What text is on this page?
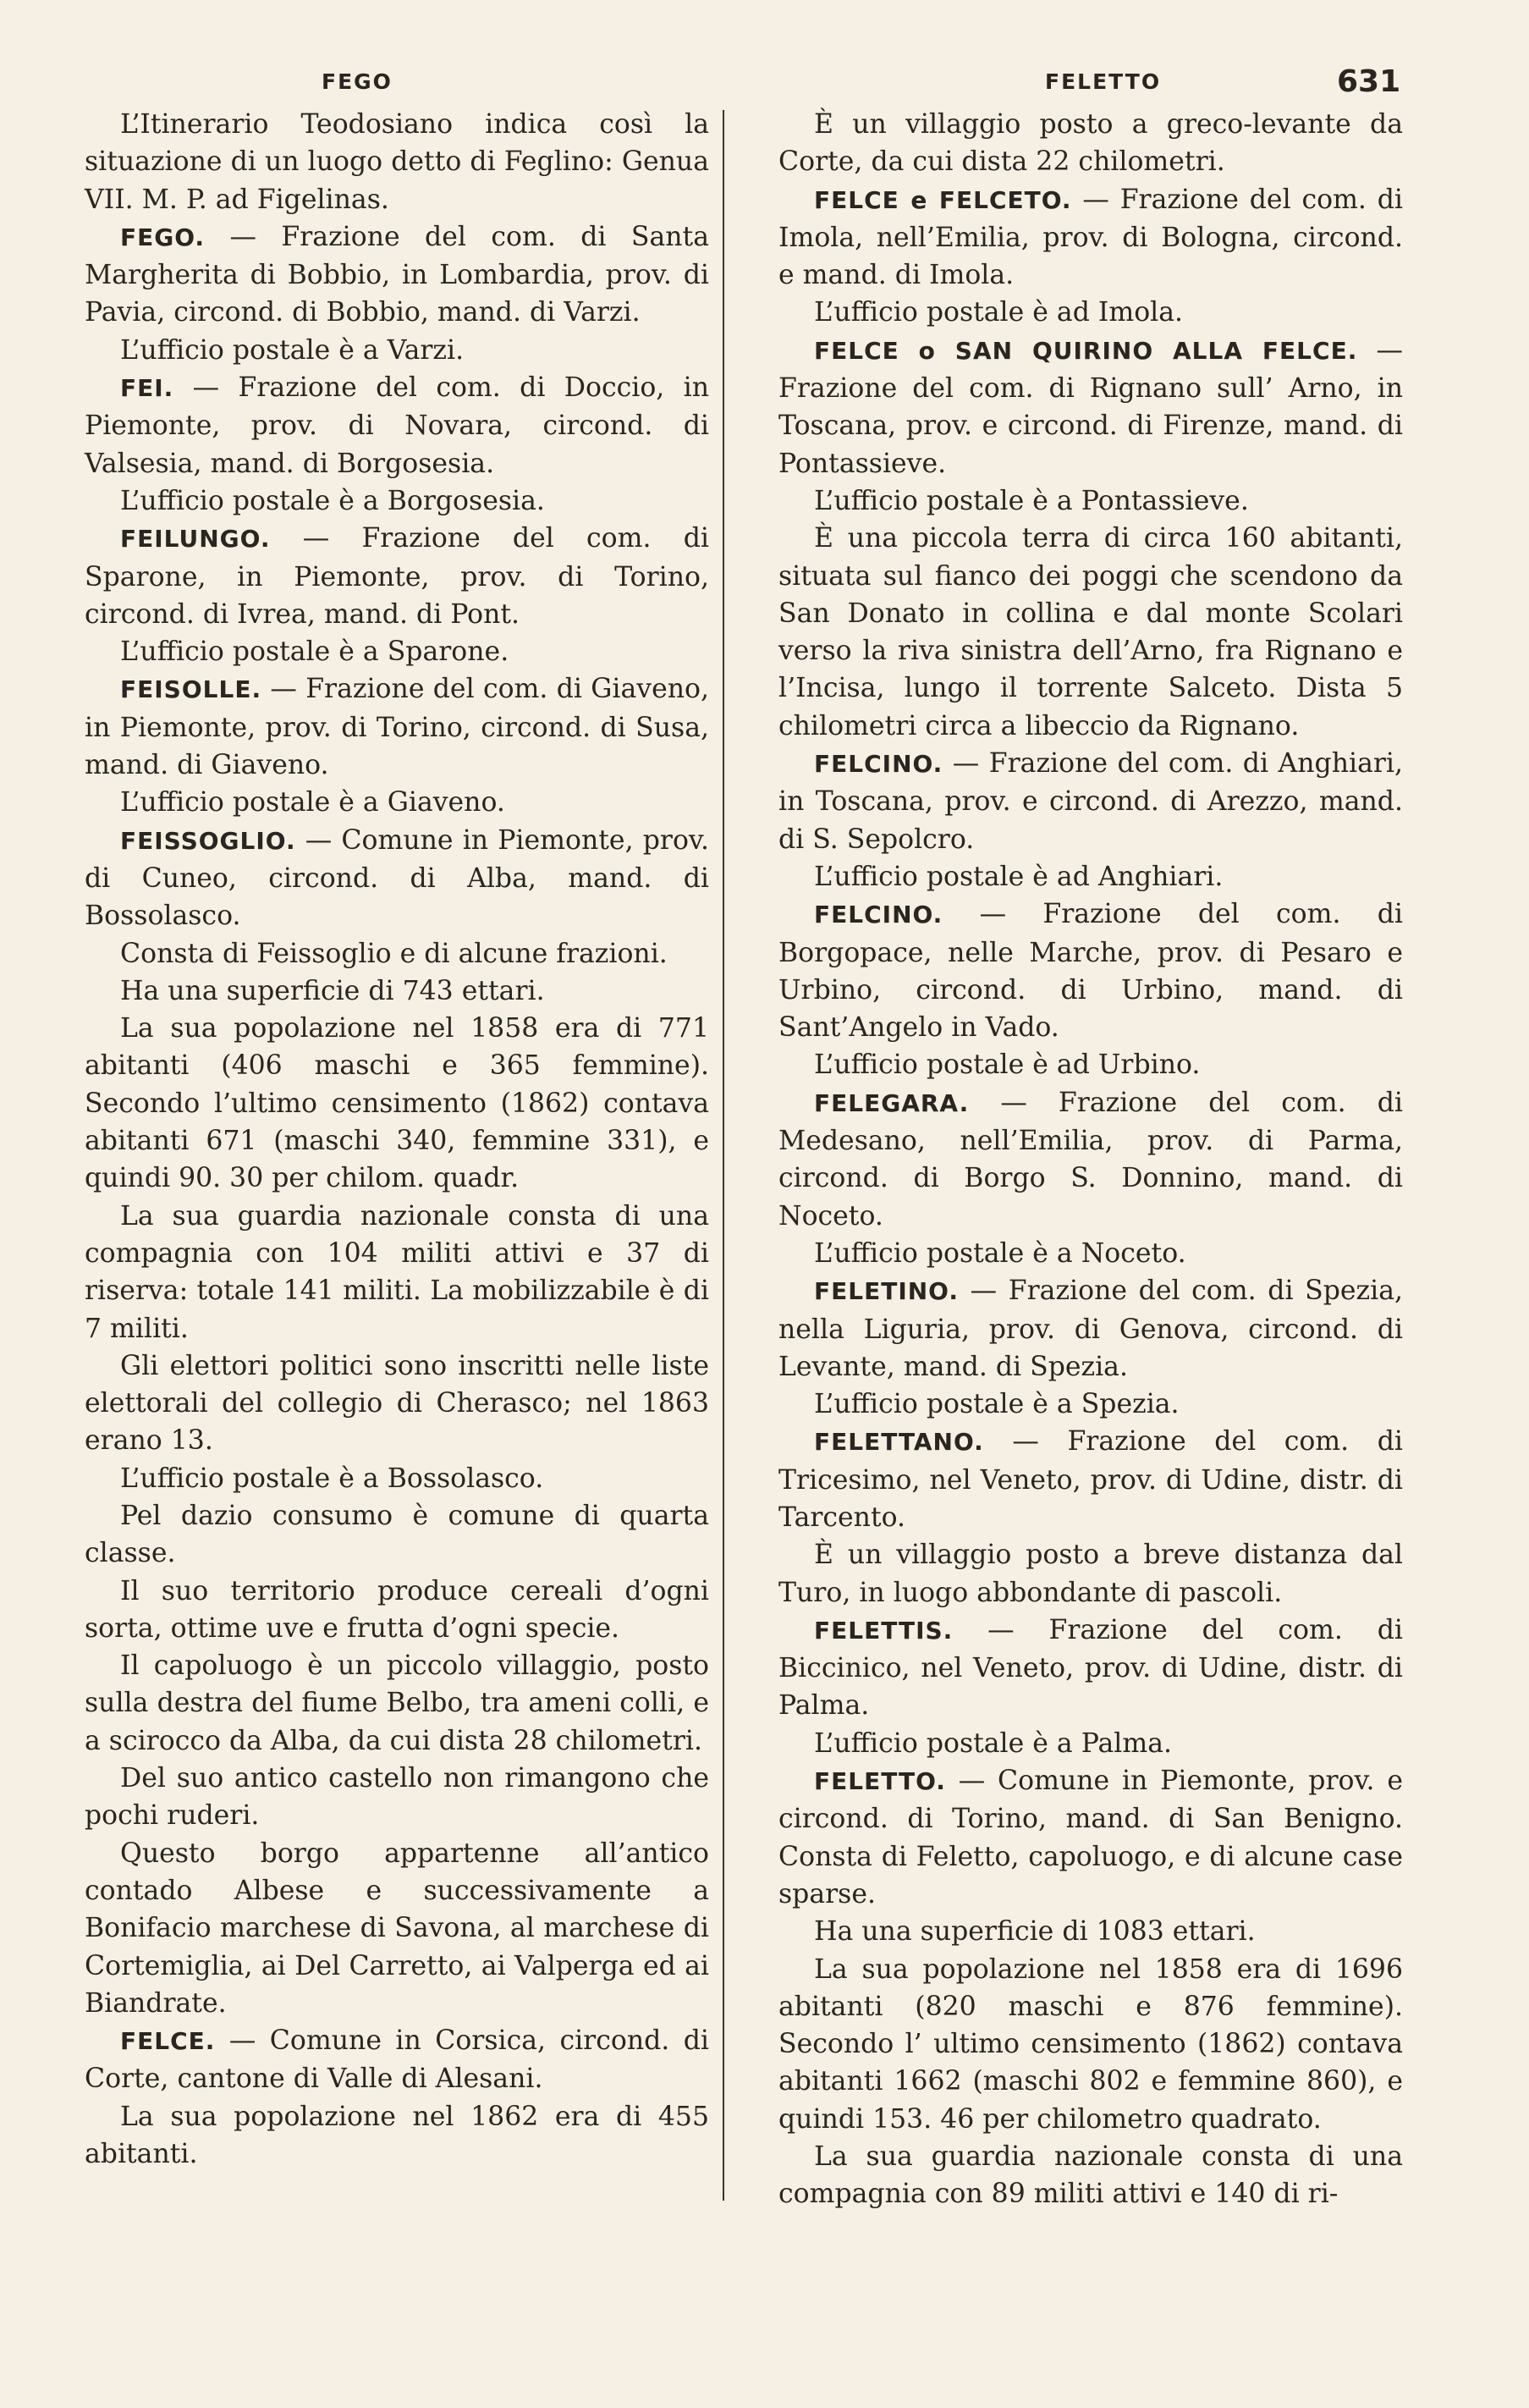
FEGO	FELETTO	631

L’Itinerario Teodosiano indica così la situazione di un luogo detto di Feglino: Genua VII. M. P. ad Figelinas.

FEGO. — Frazione del com. di Santa Margherita di Bobbio, in Lombardia, prov. di Pavia, circond. di Bobbio, mand. di Varzi.

L’ufficio postale è a Varzi.

FEI. — Frazione del com. di Doccio, in Piemonte, prov. di Novara, circond. di Valsesia, mand. di Borgosesia.

L’ufficio postale è a Borgosesia.

FEILUNGO. — Frazione del com. di Sparone, in Piemonte, prov. di Torino, circond. di Ivrea, mand. di Pont.

L’ufficio postale è a Sparone.

FEISOLLE. — Frazione del com. di Giaveno, in Piemonte, prov. di Torino, circond. di Susa, mand. di Giaveno.

L’ufficio postale è a Giaveno.

FEISSOGLIO. — Comune in Piemonte, prov. di Cuneo, circond. di Alba, mand. di Bossolasco.

Consta di Feissoglio e di alcune frazioni.

Ha una superficie di 743 ettari.

La sua popolazione nel 1858 era di 771 abitanti (406 maschi e 365 femmine). Secondo l’ultimo censimento (1862) contava abitanti 671 (maschi 340, femmine 331), e quindi 90. 30 per chilom. quadr.

La sua guardia nazionale consta di una compagnia con 104 militi attivi e 37 di riserva: totale 141 militi. La mobilizzabile è di 7 militi.

Gli elettori politici sono inscritti nelle liste elettorali del collegio di Cherasco; nel 1863 erano 13.

L’ufficio postale è a Bossolasco.

Pel dazio consumo è comune di quarta classe.

Il suo territorio produce cereali d’ogni sorta, ottime uve e frutta d’ogni specie.

Il capoluogo è un piccolo villaggio, posto sulla destra del fiume Belbo, tra ameni colli, e a scirocco da Alba, da cui dista 28 chilometri.

Del suo antico castello non rimangono che pochi ruderi.

Questo borgo appartenne all’antico contado Albese e successivamente a Bonifacio marchese di Savona, al marchese di Cortemiglia, ai Del Carretto, ai Valperga ed ai Biandrate.

FELCE. — Comune in Corsica, circond. di Corte, cantone di Valle di Alesani.

La sua popolazione nel 1862 era di 455 abitanti.

È un villaggio posto a greco-levante da Corte, da cui dista 22 chilometri.

FELCE e FELCETO. — Frazione del com. di Imola, nell’Emilia, prov. di Bologna, circond. e mand. di Imola.

L’ufficio postale è ad Imola.

FELCE o SAN QUIRINO ALLA FELCE. — Frazione del com. di Rignano sull’ Arno, in Toscana, prov. e circond. di Firenze, mand. di Pontassieve.

L’ufficio postale è a Pontassieve.

È una piccola terra di circa 160 abitanti, situata sul fianco dei poggi che scendono da San Donato in collina e dal monte Scolari verso la riva sinistra dell’Arno, fra Rignano e l’Incisa, lungo il torrente Salceto. Dista 5 chilometri circa a libeccio da Rignano.

FELCINO. — Frazione del com. di Anghiari, in Toscana, prov. e circond. di Arezzo, mand. di S. Sepolcro.

L’ufficio postale è ad Anghiari.

FELCINO. — Frazione del com. di Borgopace, nelle Marche, prov. di Pesaro e Urbino, circond. di Urbino, mand. di Sant’Angelo in Vado.

L’ufficio postale è ad Urbino.

FELEGARA. — Frazione del com. di Medesano, nell’Emilia, prov. di Parma, circond. di Borgo S. Donnino, mand. di Noceto.

L’ufficio postale è a Noceto.

FELETINO. — Frazione del com. di Spezia, nella Liguria, prov. di Genova, circond. di Levante, mand. di Spezia.

L’ufficio postale è a Spezia.

FELETTANO. — Frazione del com. di Tricesimo, nel Veneto, prov. di Udine, distr. di Tarcento.

È un villaggio posto a breve distanza dal Turo, in luogo abbondante di pascoli.

FELETTIS. — Frazione del com. di Biccinico, nel Veneto, prov. di Udine, distr. di Palma.

L’ufficio postale è a Palma.

FELETTO. — Comune in Piemonte, prov. e circond. di Torino, mand. di San Benigno. Consta di Feletto, capoluogo, e di alcune case sparse.

Ha una superficie di 1083 ettari.

La sua popolazione nel 1858 era di 1696 abitanti (820 maschi e 876 femmine). Secondo l’ ultimo censimento (1862) contava abitanti 1662 (maschi 802 e femmine 860), e quindi 153. 46 per chilometro quadrato.

La sua guardia nazionale consta di una compagnia con 89 militi attivi e 140 di ri-
